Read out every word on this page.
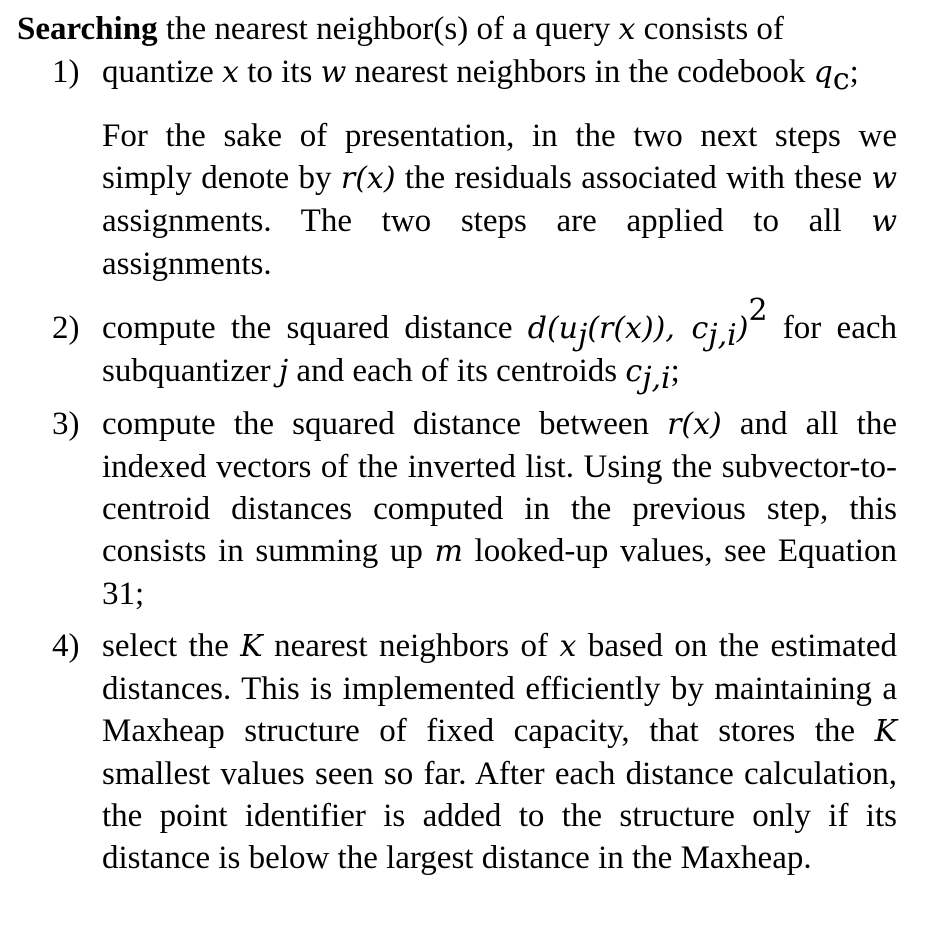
Searching the nearest neighbor(s) of a query x consists of

1) quantize x to its w nearest neighbors in the codebook $q_c$;

For the sake of presentation, in the two next steps we simply denote by r(x) the residuals associated with these w assignments. The two steps are applied to all w assignments.

2) compute the squared distance $d(u_j(r(x))$, $c_{j,i})^2$ for each subquantizer j and each of its centroids $c_{j,i}$;

3) compute the squared distance between r(x) and all the indexed vectors of the inverted list. Using the subvector-to-centroid distances computed in the previous step, this consists in summing up m looked-up values, see Equation 31;

4) select the K nearest neighbors of x based on the estimated distances. This is implemented efficiently by maintaining a Maxheap structure of fixed capacity, that stores the K smallest values seen so far. After each distance calculation, the point identifier is added to the structure only if its distance is below the largest distance in the Maxheap.
